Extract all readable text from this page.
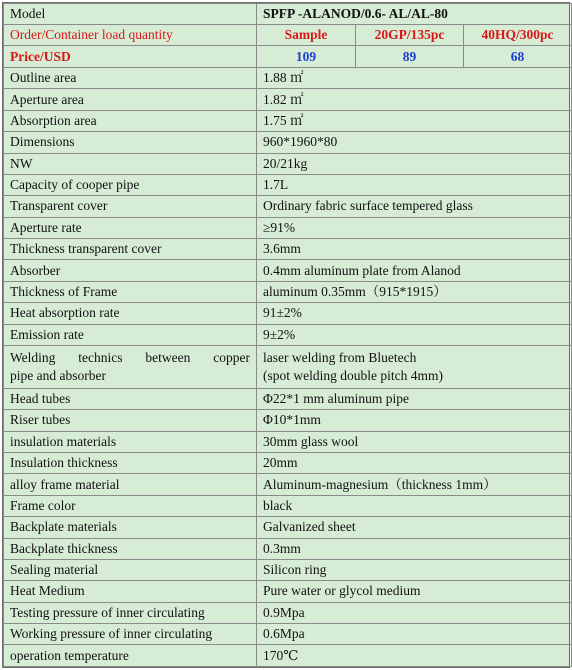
Model	SPFP -ALANOD/0.6- AL/AL-80		
Order/Container load quantity	Sample	20GP/135pc	40HQ/300pc
Price/USD	109	89	68
Outline area	1.88 ㎡		
Aperture area	1.82 ㎡		
Absorption area	1.75 ㎡		
Dimensions	960*1960*80		
NW	20/21kg		
Capacity of cooper pipe	1.7L		
Transparent cover	Ordinary fabric surface tempered glass		
Aperture rate	≥91%		
Thickness transparent cover	3.6mm		
Absorber	0.4mm aluminum plate from Alanod		
Thickness of Frame	aluminum 0.35mm（915*1915）		
Heat absorption rate	91±2%		
Emission rate	9±2%		

Welding technics between copper
pipe and absorber	laser welding from Bluetech
(spot welding double pitch 4mm)		

Head tubes	Φ22*1 mm aluminum pipe		
Riser tubes	Φ10*1mm		
insulation materials	30mm glass wool		
Insulation thickness	20mm		
alloy frame material	Aluminum-magnesium（thickness 1mm）		
Frame color	black		
Backplate materials	Galvanized sheet		
Backplate thickness	0.3mm		
Sealing material	Silicon ring		
Heat Medium	Pure water or glycol medium		
Testing pressure of inner circulating	0.9Mpa		
Working pressure of inner circulating	0.6Mpa		
operation temperature	170℃		
